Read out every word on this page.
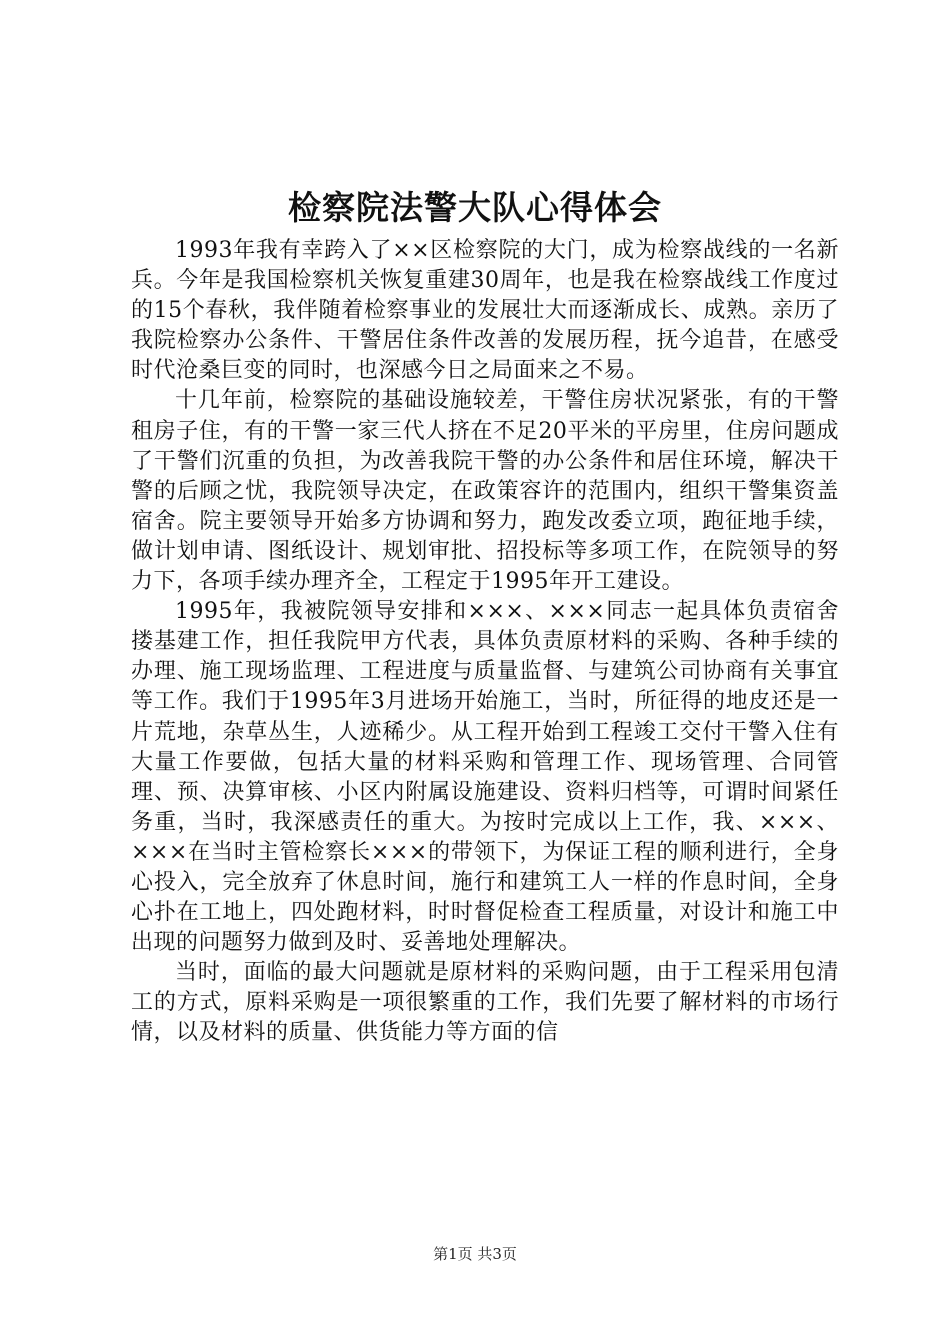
检察院法警大队心得体会

1993年我有幸跨入了××区检察院的大门，成为检察战线的一名新兵。今年是我国检察机关恢复重建30周年，也是我在检察战线工作度过的15个春秋，我伴随着检察事业的发展壮大而逐渐成长、成熟。亲历了我院检察办公条件、干警居住条件改善的发展历程，抚今追昔，在感受时代沧桑巨变的同时，也深感今日之局面来之不易。

十几年前，检察院的基础设施较差，干警住房状况紧张，有的干警租房子住，有的干警一家三代人挤在不足20平米的平房里，住房问题成了干警们沉重的负担，为改善我院干警的办公条件和居住环境，解决干警的后顾之忧，我院领导决定，在政策容许的范围内，组织干警集资盖宿舍。院主要领导开始多方协调和努力，跑发改委立项，跑征地手续，做计划申请、图纸设计、规划审批、招投标等多项工作，在院领导的努力下，各项手续办理齐全，工程定于1995年开工建设。

1995年，我被院领导安排和×××、×××同志一起具体负责宿舍搂基建工作，担任我院甲方代表，具体负责原材料的采购、各种手续的办理、施工现场监理、工程进度与质量监督、与建筑公司协商有关事宜等工作。我们于1995年3月进场开始施工，当时，所征得的地皮还是一片荒地，杂草丛生，人迹稀少。从工程开始到工程竣工交付干警入住有大量工作要做，包括大量的材料采购和管理工作、现场管理、合同管理、预、决算审核、小区内附属设施建设、资料归档等，可谓时间紧任务重，当时，我深感责任的重大。为按时完成以上工作，我、×××、×××在当时主管检察长×××的带领下，为保证工程的顺利进行，全身心投入，完全放弃了休息时间，施行和建筑工人一样的作息时间，全身心扑在工地上，四处跑材料，时时督促检查工程质量，对设计和施工中出现的问题努力做到及时、妥善地处理解决。

当时，面临的最大问题就是原材料的采购问题，由于工程采用包清工的方式，原料采购是一项很繁重的工作，我们先要了解材料的市场行情，以及材料的质量、供货能力等方面的信

第1页 共3页
